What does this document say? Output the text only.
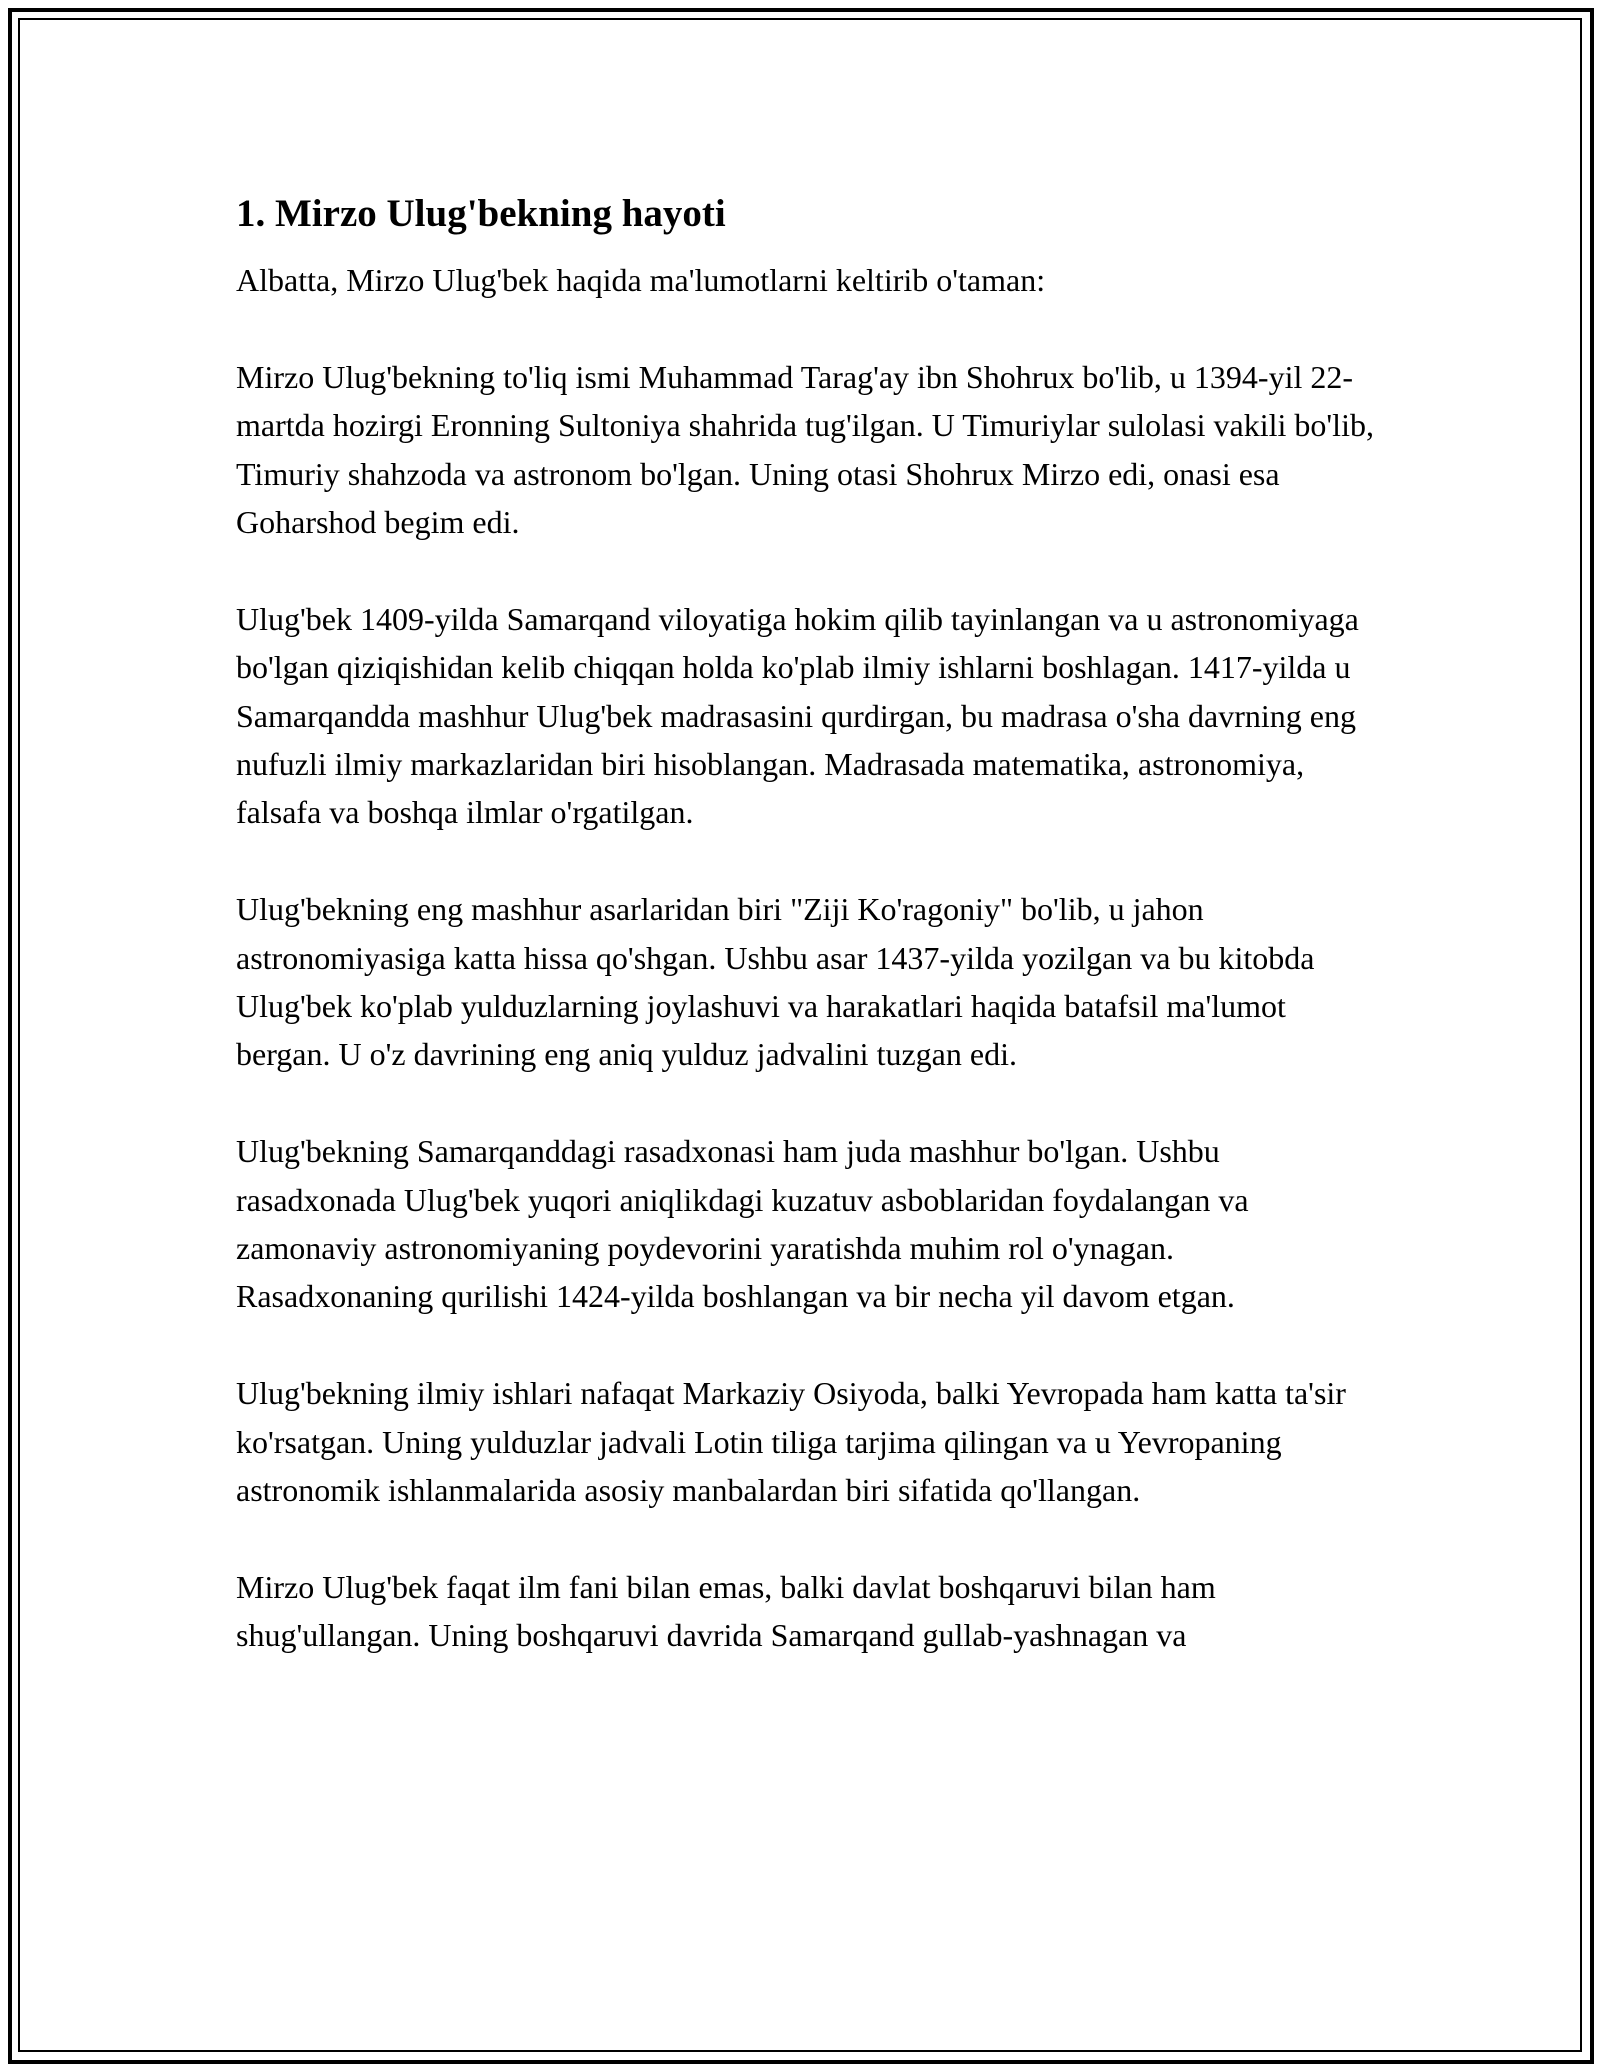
1. Mirzo Ulug'bekning hayoti

Albatta, Mirzo Ulug'bek haqida ma'lumotlarni keltirib o'taman:

Mirzo Ulug'bekning to'liq ismi Muhammad Tarag'ay ibn Shohrux bo'lib, u 1394-yil 22-martda hozirgi Eronning Sultoniya shahrida tug'ilgan. U Timuriylar sulolasi vakili bo'lib, Timuriy shahzoda va astronom bo'lgan. Uning otasi Shohrux Mirzo edi, onasi esa Goharshod begim edi.

Ulug'bek 1409-yilda Samarqand viloyatiga hokim qilib tayinlangan va u astronomiyaga bo'lgan qiziqishidan kelib chiqqan holda ko'plab ilmiy ishlarni boshlagan. 1417-yilda u Samarqandda mashhur Ulug'bek madrasasini qurdirgan, bu madrasa o'sha davrning eng nufuzli ilmiy markazlaridan biri hisoblangan. Madrasada matematika, astronomiya, falsafa va boshqa ilmlar o'rgatilgan.

Ulug'bekning eng mashhur asarlaridan biri "Ziji Ko'ragoniy" bo'lib, u jahon astronomiyasiga katta hissa qo'shgan. Ushbu asar 1437-yilda yozilgan va bu kitobda Ulug'bek ko'plab yulduzlarning joylashuvi va harakatlari haqida batafsil ma'lumot bergan. U o'z davrining eng aniq yulduz jadvalini tuzgan edi.

Ulug'bekning Samarqanddagi rasadxonasi ham juda mashhur bo'lgan. Ushbu rasadxonada Ulug'bek yuqori aniqlikdagi kuzatuv asboblaridan foydalangan va zamonaviy astronomiyaning poydevorini yaratishda muhim rol o'ynagan. Rasadxonaning qurilishi 1424-yilda boshlangan va bir necha yil davom etgan.

Ulug'bekning ilmiy ishlari nafaqat Markaziy Osiyoda, balki Yevropada ham katta ta'sir ko'rsatgan. Uning yulduzlar jadvali Lotin tiliga tarjima qilingan va u Yevropaning astronomik ishlanmalarida asosiy manbalardan biri sifatida qo'llangan.

Mirzo Ulug'bek faqat ilm fani bilan emas, balki davlat boshqaruvi bilan ham shug'ullangan. Uning boshqaruvi davrida Samarqand gullab-yashnagan va
